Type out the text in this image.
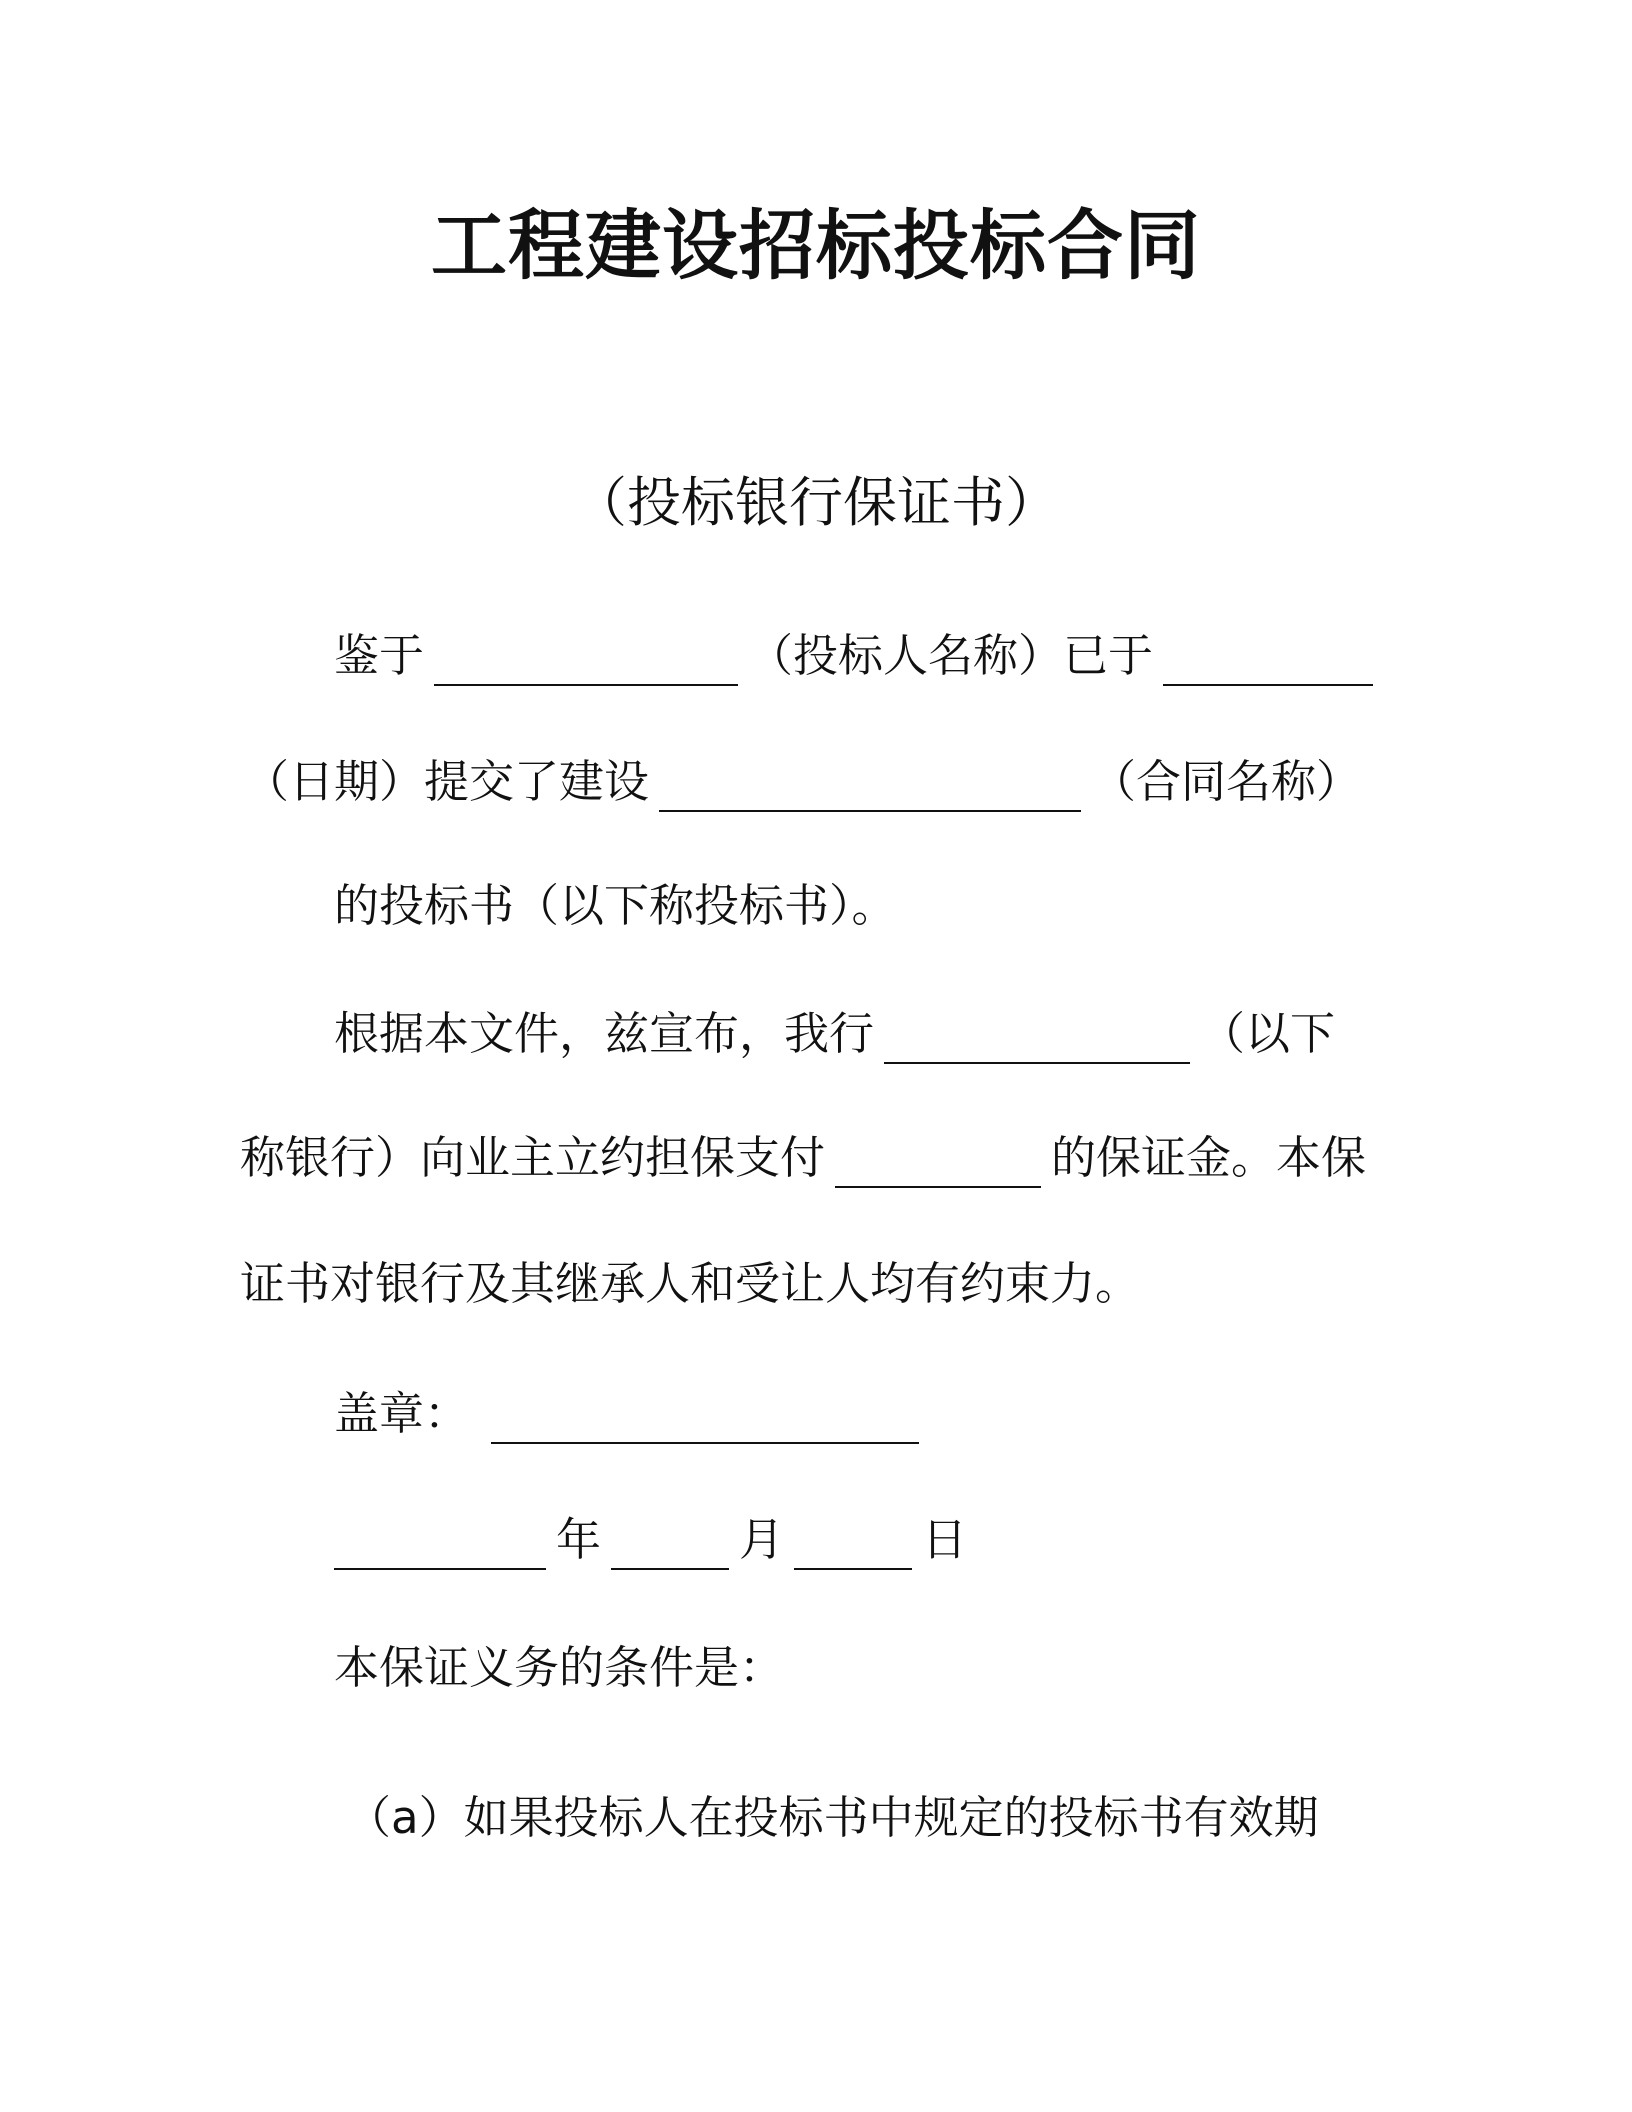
工程建设招标投标合同
（投标银行保证书）
鉴于	（投标人名称）已于
（日期）提交了建设	（合同名称）
的投标书（以下称投标书）。
根据本文件，兹宣布，我行	（以下
称银行）向业主立约担保支付	的保证金。本保
证书对银行及其继承人和受让人均有约束力。
盖章：
年	月	日
本保证义务的条件是：
（a）如果投标人在投标书中规定的投标书有效期
